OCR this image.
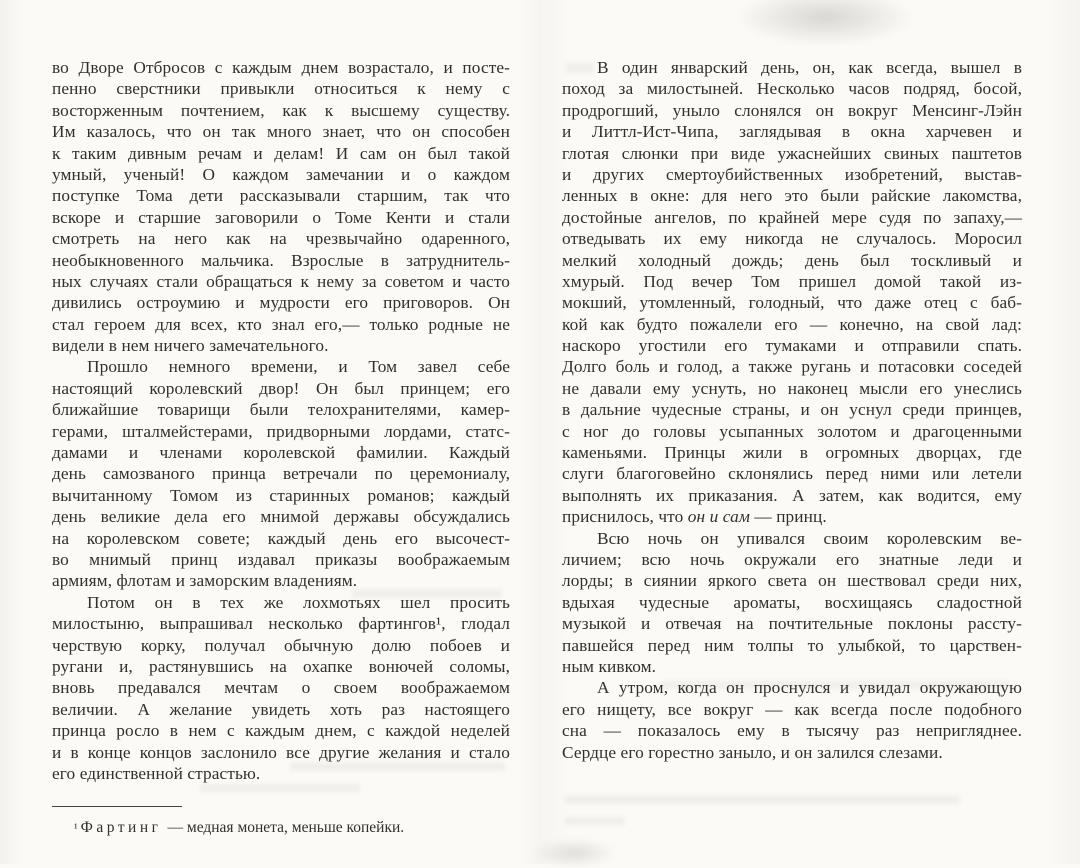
во Дворе Отбросов с каждым днем возрастало, и посте-
пенно сверстники привыкли относиться к нему с
восторженным почтением, как к высшему существу.
Им казалось, что он так много знает, что он способен
к таким дивным речам и делам! И сам он был такой
умный, ученый! О каждом замечании и о каждом
поступке Тома дети рассказывали старшим, так что
вскоре и старшие заговорили о Томе Кенти и стали
смотреть на него как на чрезвычайно одаренного,
необыкновенного мальчика. Взрослые в затруднитель-
ных случаях стали обращаться к нему за советом и часто
дивились остроумию и мудрости его приговоров. Он
стал героем для всех, кто знал его,— только родные не
видели в нем ничего замечательного.
Прошло немного времени, и Том завел себе
настоящий королевский двор! Он был принцем; его
ближайшие товарищи были телохранителями, камер-
герами, шталмейстерами, придворными лордами, статс-
дамами и членами королевской фамилии. Каждый
день самозваного принца ветречали по церемониалу,
вычитанному Томом из старинных романов; каждый
день великие дела его мнимой державы обсуждались
на королевском совете; каждый день его высочест-
во мнимый принц издавал приказы воображаемым
армиям, флотам и заморским владениям.
Потом он в тех же лохмотьях шел просить
милостыню, выпрашивал несколько фартингов¹, глодал
черствую корку, получал обычную долю побоев и
ругани и, растянувшись на охапке вонючей соломы,
вновь предавался мечтам о своем воображаемом
величии. А желание увидеть хоть раз настоящего
принца росло в нем с каждым днем, с каждой неделей
и в конце концов заслонило все другие желания и стало
его единственной страстью.
¹ Фартинг — медная монета, меньше копейки.
В один январский день, он, как всегда, вышел в
поход за милостыней. Несколько часов подряд, босой,
продрогший, уныло слонялся он вокруг Менсинг-Лэйн
и Литтл-Ист-Чипа, заглядывая в окна харчевен и
глотая слюнки при виде ужаснейших свиных паштетов
и других смертоубийственных изобретений, выстав-
ленных в окне: для него это были райские лакомства,
достойные ангелов, по крайней мере судя по запаху,—
отведывать их ему никогда не случалось. Моросил
мелкий холодный дождь; день был тоскливый и
хмурый. Под вечер Том пришел домой такой из-
мокший, утомленный, голодный, что даже отец с баб-
кой как будто пожалели его — конечно, на свой лад:
наскоро угостили его тумаками и отправили спать.
Долго боль и голод, а также ругань и потасовки соседей
не давали ему уснуть, но наконец мысли его унеслись
в дальние чудесные страны, и он уснул среди принцев,
с ног до головы усыпанных золотом и драгоценными
каменьями. Принцы жили в огромных дворцах, где
слуги благоговейно склонялись перед ними или летели
выполнять их приказания. А затем, как водится, ему
приснилось, что он и сам — принц.
Всю ночь он упивался своим королевским ве-
личием; всю ночь окружали его знатные леди и
лорды; в сиянии яркого света он шествовал среди них,
вдыхая чудесные ароматы, восхищаясь сладостной
музыкой и отвечая на почтительные поклоны рассту-
павшейся перед ним толпы то улыбкой, то царствен-
ным кивком.
А утром, когда он проснулся и увидал окружающую
его нищету, все вокруг — как всегда после подобного
сна — показалось ему в тысячу раз непригляднее.
Сердце его горестно заныло, и он залился слезами.
